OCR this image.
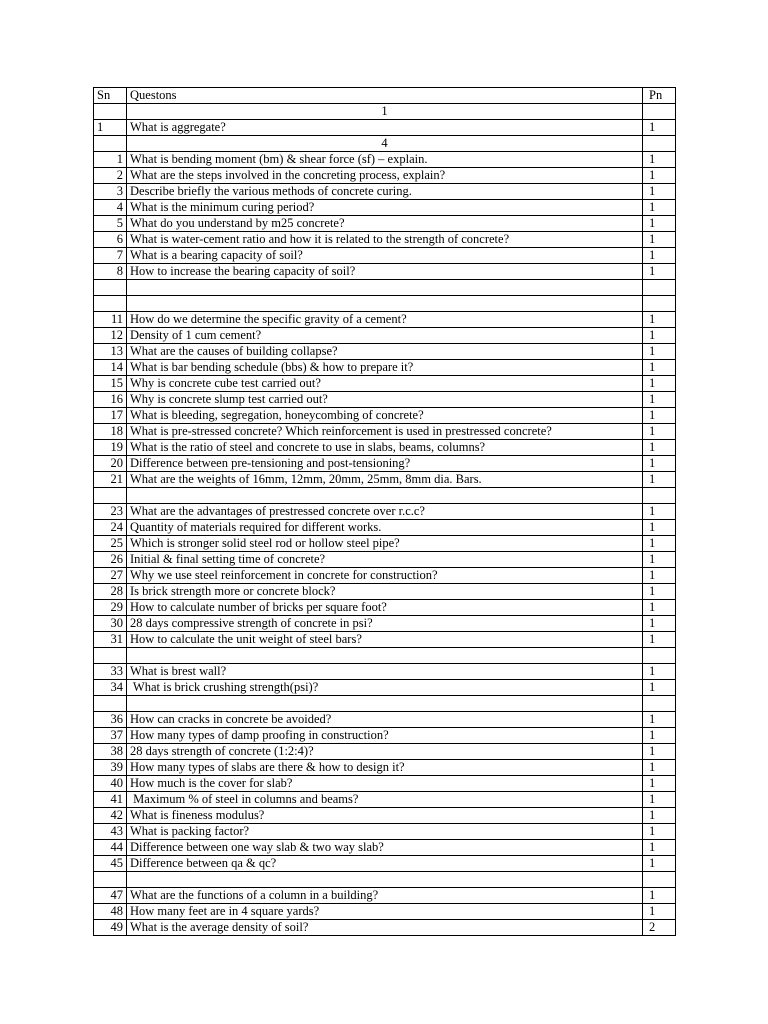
Sn	Questons	Pn
	1	
1	What is aggregate?	1
	4	
1	What is bending moment (bm) & shear force (sf) – explain.	1
2	What are the steps involved in the concreting process, explain?	1
3	Describe briefly the various methods of concrete curing.	1
4	What is the minimum curing period?	1
5	What do you understand by m25 concrete?	1
6	What is water-cement ratio and how it is related to the strength of concrete?	1
7	What is a bearing capacity of soil?	1
8	How to increase the bearing capacity of soil?	1

11	How do we determine the specific gravity of a cement?	1
12	Density of 1 cum cement?	1
13	What are the causes of building collapse?	1
14	What is bar bending schedule (bbs) & how to prepare it?	1
15	Why is concrete cube test carried out?	1
16	Why is concrete slump test carried out?	1
17	What is bleeding, segregation, honeycombing of concrete?	1
18	What is pre-stressed concrete? Which reinforcement is used in prestressed concrete?	1
19	What is the ratio of steel and concrete to use in slabs, beams, columns?	1
20	Difference between pre-tensioning and post-tensioning?	1
21	What are the weights of 16mm, 12mm, 20mm, 25mm, 8mm dia. Bars.	1

23	What are the advantages of prestressed concrete over r.c.c?	1
24	Quantity of materials required for different works.	1
25	Which is stronger solid steel rod or hollow steel pipe?	1
26	Initial & final setting time of concrete?	1
27	Why we use steel reinforcement in concrete for construction?	1
28	Is brick strength more or concrete block?	1
29	How to calculate number of bricks per square foot?	1
30	28 days compressive strength of concrete in psi?	1
31	How to calculate the unit weight of steel bars?	1

33	What is brest wall?	1
34	What is brick crushing strength(psi)?	1

36	How can cracks in concrete be avoided?	1
37	How many types of damp proofing in construction?	1
38	28 days strength of concrete (1:2:4)?	1
39	How many types of slabs are there & how to design it?	1
40	How much is the cover for slab?	1
41	Maximum % of steel in columns and beams?	1
42	What is fineness modulus?	1
43	What is packing factor?	1
44	Difference between one way slab & two way slab?	1
45	Difference between qa & qc?	1

47	What are the functions of a column in a building?	1
48	How many feet are in 4 square yards?	1
49	What is the average density of soil?	2
